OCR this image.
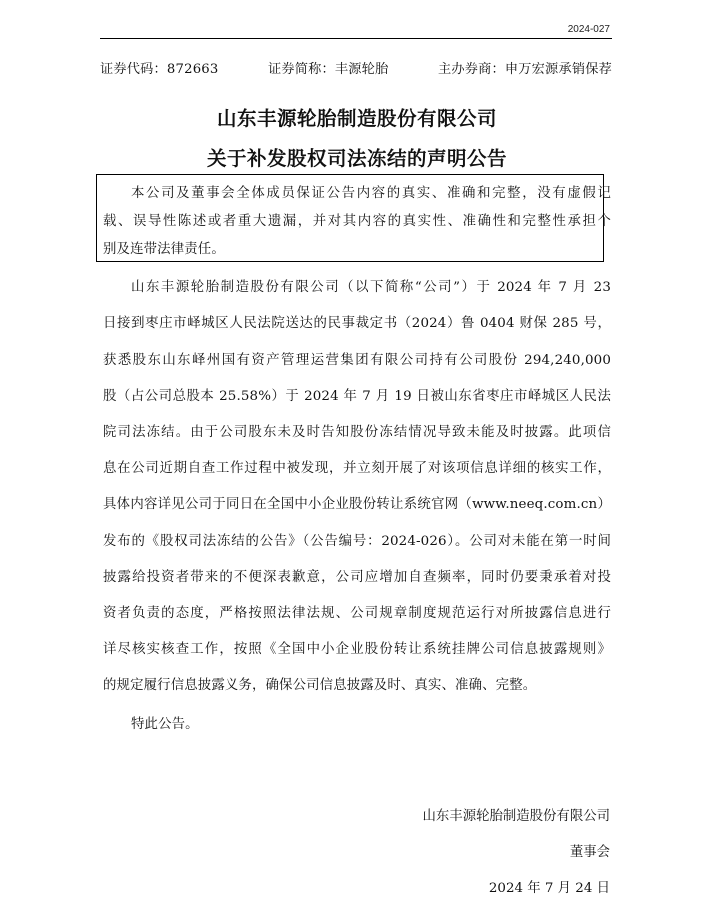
2024-027
证券代码：872663	证券简称：丰源轮胎	主办券商：申万宏源承销保荐
山东丰源轮胎制造股份有限公司
关于补发股权司法冻结的声明公告
本公司及董事会全体成员保证公告内容的真实、准确和完整，没有虚假记
载、误导性陈述或者重大遗漏，并对其内容的真实性、准确性和完整性承担个
别及连带法律责任。
山东丰源轮胎制造股份有限公司（以下简称“公司”）于 2024 年 7 月 23
日接到枣庄市峄城区人民法院送达的民事裁定书（2024）鲁 0404 财保 285 号，
获悉股东山东峄州国有资产管理运营集团有限公司持有公司股份 294,240,000
股（占公司总股本 25.58%）于 2024 年 7 月 19 日被山东省枣庄市峄城区人民法
院司法冻结。由于公司股东未及时告知股份冻结情况导致未能及时披露。此项信
息在公司近期自查工作过程中被发现，并立刻开展了对该项信息详细的核实工作，
具体内容详见公司于同日在全国中小企业股份转让系统官网（www.neeq.com.cn）
发布的《股权司法冻结的公告》（公告编号：2024-026）。公司对未能在第一时间
披露给投资者带来的不便深表歉意，公司应增加自查频率，同时仍要秉承着对投
资者负责的态度，严格按照法律法规、公司规章制度规范运行对所披露信息进行
详尽核实核查工作，按照《全国中小企业股份转让系统挂牌公司信息披露规则》
的规定履行信息披露义务，确保公司信息披露及时、真实、准确、完整。
特此公告。
山东丰源轮胎制造股份有限公司
董事会
2024 年 7 月 24 日
